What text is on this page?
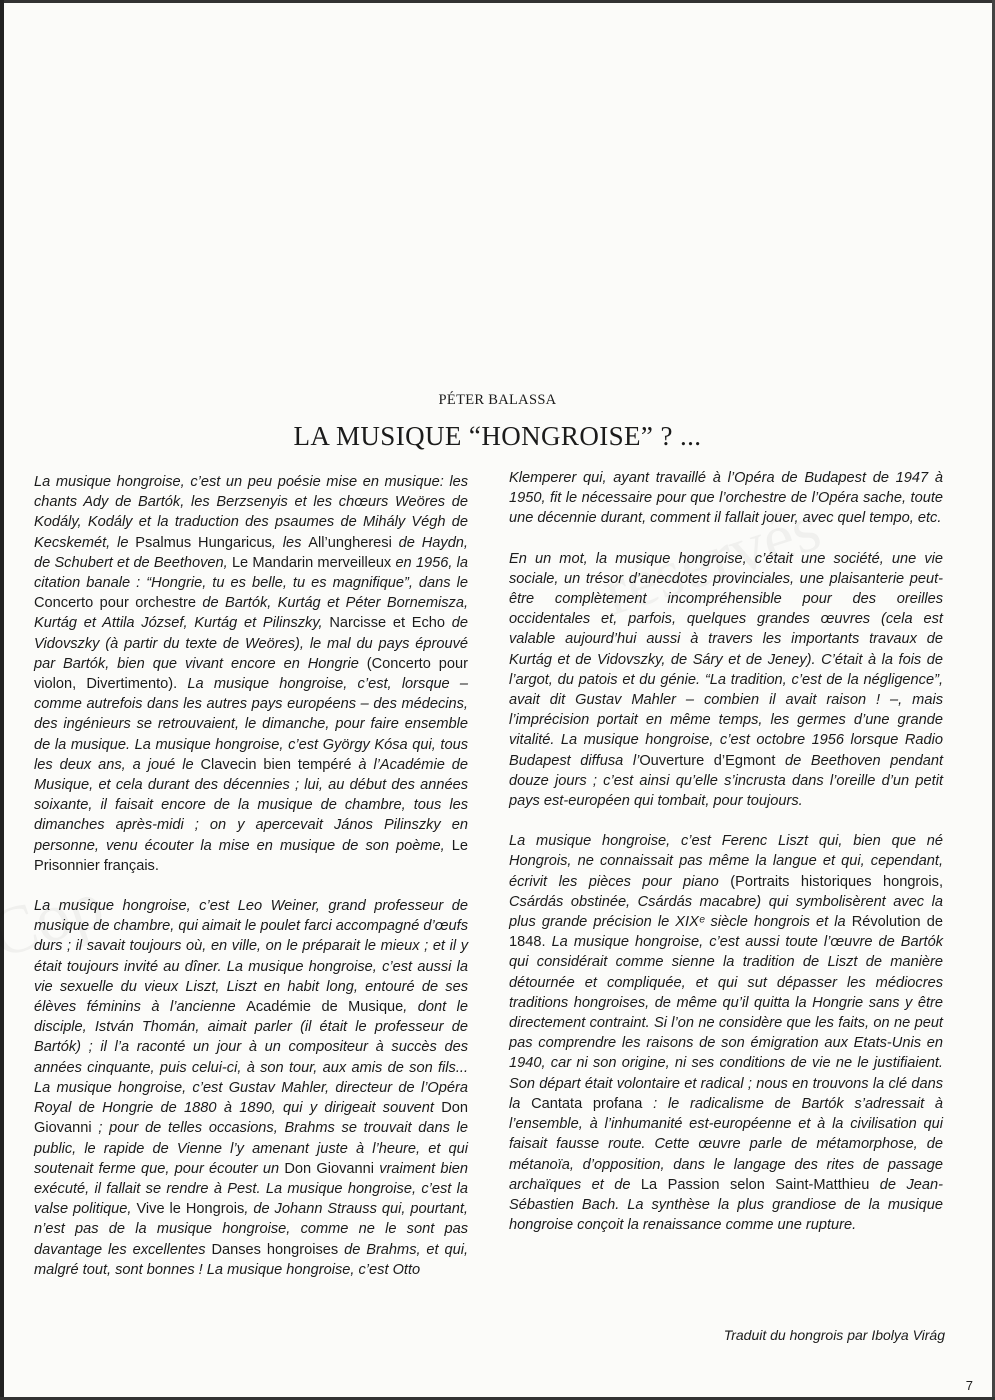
PÉTER BALASSA
LA MUSIQUE “HONGROISE” ? ...

La musique hongroise, c’est un peu poésie mise en musique: les chants Ady de Bartók, les Berzsenyis et les chœurs Weöres de Kodály, Kodály et la traduction des psaumes de Mihály Végh de Kecskemét, le Psalmus Hungaricus, les All’ungheresi de Haydn, de Schubert et de Beethoven, Le Mandarin merveilleux en 1956, la citation banale : “Hongrie, tu es belle, tu es magnifique”, dans le Concerto pour orchestre de Bartók, Kurtág et Péter Bornemisza, Kurtág et Attila József, Kurtág et Pilinszky, Narcisse et Echo de Vidovszky (à partir du texte de Weöres), le mal du pays éprouvé par Bartók, bien que vivant encore en Hongrie (Concerto pour violon, Divertimento). La musique hongroise, c’est, lorsque – comme autrefois dans les autres pays européens – des médecins, des ingénieurs se retrouvaient, le dimanche, pour faire ensemble de la musique. La musique hongroise, c’est György Kósa qui, tous les deux ans, a joué le Clavecin bien tempéré à l’Académie de Musique, et cela durant des décennies ; lui, au début des années soixante, il faisait encore de la musique de chambre, tous les dimanches après-midi ; on y apercevait János Pilinszky en personne, venu écouter la mise en musique de son poème, Le Prisonnier français.

La musique hongroise, c’est Leo Weiner, grand professeur de musique de chambre, qui aimait le poulet farci accompagné d’œufs durs ; il savait toujours où, en ville, on le préparait le mieux ; et il y était toujours invité au dîner. La musique hongroise, c’est aussi la vie sexuelle du vieux Liszt, Liszt en habit long, entouré de ses élèves féminins à l’ancienne Académie de Musique, dont le disciple, István Thomán, aimait parler (il était le professeur de Bartók) ; il l’a raconté un jour à un compositeur à succès des années cinquante, puis celui-ci, à son tour, aux amis de son fils... La musique hongroise, c’est Gustav Mahler, directeur de l’Opéra Royal de Hongrie de 1880 à 1890, qui y dirigeait souvent Don Giovanni ; pour de telles occasions, Brahms se trouvait dans le public, le rapide de Vienne l’y amenant juste à l’heure, et qui soutenait ferme que, pour écouter un Don Giovanni vraiment bien exécuté, il fallait se rendre à Pest. La musique hongroise, c’est la valse politique, Vive le Hongrois, de Johann Strauss qui, pourtant, n’est pas de la musique hongroise, comme ne le sont pas davantage les excellentes Danses hongroises de Brahms, et qui, malgré tout, sont bonnes ! La musique hongroise, c’est Otto

Klemperer qui, ayant travaillé à l’Opéra de Budapest de 1947 à 1950, fit le nécessaire pour que l’orchestre de l’Opéra sache, toute une décennie durant, comment il fallait jouer, avec quel tempo, etc.

En un mot, la musique hongroise, c’était une société, une vie sociale, un trésor d’anecdotes provinciales, une plaisanterie peut-être complètement incompréhensible pour des oreilles occidentales et, parfois, quelques grandes œuvres (cela est valable aujourd’hui aussi à travers les importants travaux de Kurtág et de Vidovszky, de Sáry et de Jeney). C’était à la fois de l’argot, du patois et du génie. “La tradition, c’est de la négligence”, avait dit Gustav Mahler – combien il avait raison ! –, mais l’imprécision portait en même temps, les germes d’une grande vitalité. La musique hongroise, c’est octobre 1956 lorsque Radio Budapest diffusa l’Ouverture d’Egmont de Beethoven pendant douze jours ; c’est ainsi qu’elle s’incrusta dans l’oreille d’un petit pays est-européen qui tombait, pour toujours.

La musique hongroise, c’est Ferenc Liszt qui, bien que né Hongrois, ne connaissait pas même la langue et qui, cependant, écrivit les pièces pour piano (Portraits historiques hongrois, Csárdás obstinée, Csárdás macabre) qui symbolisèrent avec la plus grande précision le XIXᵉ siècle hongrois et la Révolution de 1848. La musique hongroise, c’est aussi toute l’œuvre de Bartók qui considérait comme sienne la tradition de Liszt de manière détournée et compliquée, et qui sut dépasser les médiocres traditions hongroises, de même qu’il quitta la Hongrie sans y être directement contraint. Si l’on ne considère que les faits, on ne peut pas comprendre les raisons de son émigration aux Etats-Unis en 1940, car ni son origine, ni ses conditions de vie ne le justifiaient. Son départ était volontaire et radical ; nous en trouvons la clé dans la Cantata profana : le radicalisme de Bartók s’adressait à l’ensemble, à l’inhumanité est-européenne et à la civilisation qui faisait fausse route. Cette œuvre parle de métamorphose, de métanoïa, d’opposition, dans le langage des rites de passage archaïques et de La Passion selon Saint-Matthieu de Jean-Sébastien Bach. La synthèse la plus grandiose de la musique hongroise conçoit la renaissance comme une rupture.

Traduit du hongrois par Ibolya Virág
7
